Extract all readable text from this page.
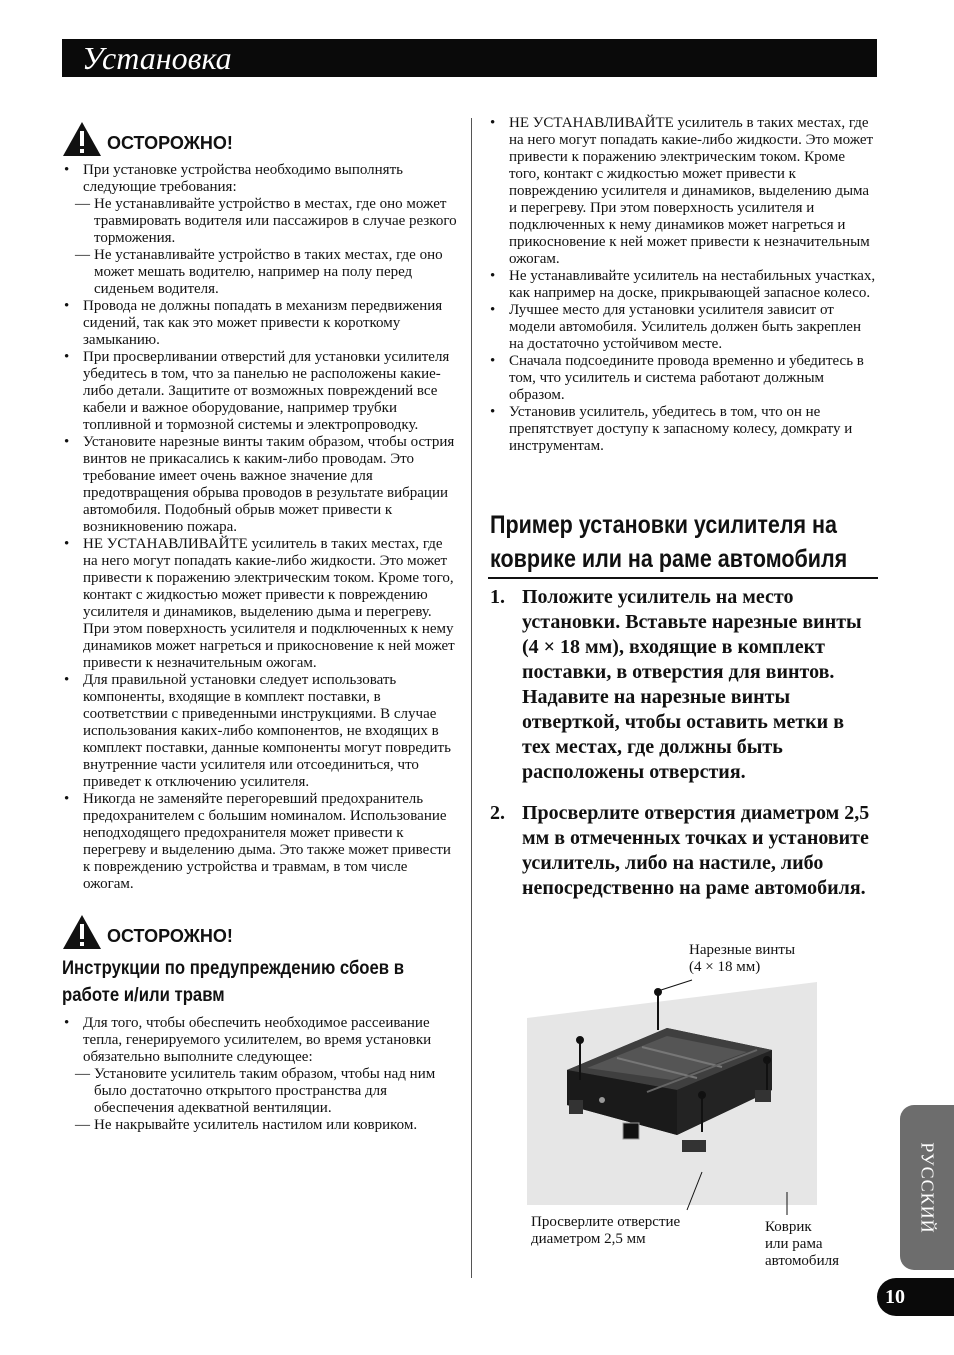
Установка
ОСТОРОЖНО!
• При установке устройства необходимо выполнять следующие требования:
— Не устанавливайте устройство в местах, где оно может травмировать водителя или пассажиров в случае резкого торможения.
— Не устанавливайте устройство в таких местах, где оно может мешать водителю, например на полу перед сиденьем водителя.
• Провода не должны попадать в механизм передвижения сидений, так как это может привести к короткому замыканию.
• При просверливании отверстий для установки усилителя убедитесь в том, что за панелью не расположены какие-либо детали. Защитите от возможных повреждений все кабели и важное оборудование, например трубки топливной и тормозной системы и электропроводку.
• Установите нарезные винты таким образом, чтобы острия винтов не прикасались к каким-либо проводам. Это требование имеет очень важное значение для предотвращения обрыва проводов в результате вибрации автомобиля. Подобный обрыв может привести к возникновению пожара.
• НЕ УСТАНАВЛИВАЙТЕ усилитель в таких местах, где на него могут попадать какие-либо жидкости. Это может привести к поражению электрическим током. Кроме того, контакт с жидкостью может привести к повреждению усилителя и динамиков, выделению дыма и перегреву. При этом поверхность усилителя и подключенных к нему динамиков может нагреться и прикосновение к ней может привести к незначительным ожогам.
• Для правильной установки следует использовать компоненты, входящие в комплект поставки, в соответствии с приведенными инструкциями. В случае использования каких-либо компонентов, не входящих в комплект поставки, данные компоненты могут повредить внутренние части усилителя или отсоединиться, что приведет к отключению усилителя.
• Никогда не заменяйте перегоревший предохранитель предохранителем с большим номиналом. Использование неподходящего предохранителя может привести к перегреву и выделению дыма. Это также может привести к повреждению устройства и травмам, в том числе ожогам.
ОСТОРОЖНО!
Инструкции по предупреждению сбоев в работе и/или травм
• Для того, чтобы обеспечить необходимое рассеивание тепла, генерируемого усилителем, во время установки обязательно выполните следующее:
— Установите усилитель таким образом, чтобы над ним было достаточно открытого пространства для обеспечения адекватной вентиляции.
— Не накрывайте усилитель настилом или ковриком.
• НЕ УСТАНАВЛИВАЙТЕ усилитель в таких местах, где на него могут попадать какие-либо жидкости. Это может привести к поражению электрическим током. Кроме того, контакт с жидкостью может привести к повреждению усилителя и динамиков, выделению дыма и перегреву. При этом поверхность усилителя и подключенных к нему динамиков может нагреться и прикосновение к ней может привести к незначительным ожогам.
• Не устанавливайте усилитель на нестабильных участках, как например на доске, прикрывающей запасное колесо.
• Лучшее место для установки усилителя зависит от модели автомобиля. Усилитель должен быть закреплен на достаточно устойчивом месте.
• Сначала подсоедините провода временно и убедитесь в том, что усилитель и система работают должным образом.
• Установив усилитель, убедитесь в том, что он не препятствует доступу к запасному колесу, домкрату и инструментам.
Пример установки усилителя на коврике или на раме автомобиля
1. Положите усилитель на место установки. Вставьте нарезные винты (4 × 18 мм), входящие в комплект поставки, в отверстия для винтов. Надавите на нарезные винты отверткой, чтобы оставить метки в тех местах, где должны быть расположены отверстия.
2. Просверлите отверстия диаметром 2,5 мм в отмеченных точках и установите усилитель, либо на настиле, либо непосредственно на раме автомобиля.
Нарезные винты
(4 × 18 мм)
Просверлите отверстие
диаметром 2,5 мм
Коврик
или рама
автомобиля
РУССКИЙ
10
